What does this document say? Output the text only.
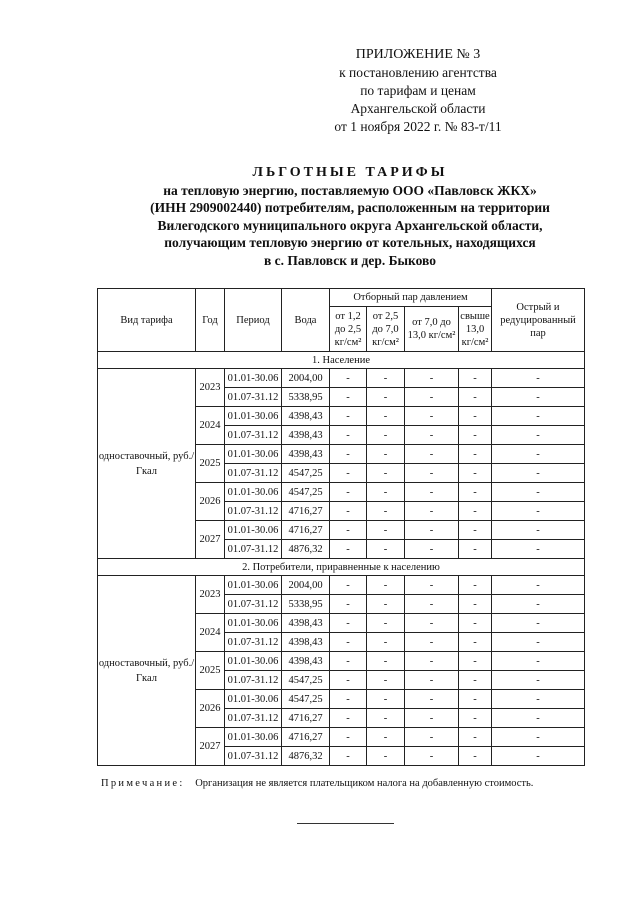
ПРИЛОЖЕНИЕ № 3
к постановлению агентства
по тарифам и ценам
Архангельской области
от 1 ноября 2022 г. № 83-т/11
ЛЬГОТНЫЕ ТАРИФЫ
на тепловую энергию, поставляемую ООО «Павловск ЖКХ»
(ИНН 2909002440) потребителям, расположенным на территории
Вилегодского муниципального округа Архангельской области,
получающим тепловую энергию от котельных, находящихся
в с. Павловск и дер. Быково
Вид тарифа	Год	Период	Вода	Отборный пар давлением				Острый и редуцированный пар
				от 1,2 до 2,5 кг/см²	от 2,5 до 7,0 кг/см²	от 7,0 до 13,0 кг/см²	свыше 13,0 кг/см²	
1. Население								
одноставочный, руб./Гкал	2023	01.01-30.06	2004,00	-	-	-	-	-
		01.07-31.12	5338,95	-	-	-	-	-
	2024	01.01-30.06	4398,43	-	-	-	-	-
		01.07-31.12	4398,43	-	-	-	-	-
	2025	01.01-30.06	4398,43	-	-	-	-	-
		01.07-31.12	4547,25	-	-	-	-	-
	2026	01.01-30.06	4547,25	-	-	-	-	-
		01.07-31.12	4716,27	-	-	-	-	-
	2027	01.01-30.06	4716,27	-	-	-	-	-
		01.07-31.12	4876,32	-	-	-	-	-
2. Потребители, приравненные к населению								
одноставочный, руб./Гкал	2023	01.01-30.06	2004,00	-	-	-	-	-
		01.07-31.12	5338,95	-	-	-	-	-
	2024	01.01-30.06	4398,43	-	-	-	-	-
		01.07-31.12	4398,43	-	-	-	-	-
	2025	01.01-30.06	4398,43	-	-	-	-	-
		01.07-31.12	4547,25	-	-	-	-	-
	2026	01.01-30.06	4547,25	-	-	-	-	-
		01.07-31.12	4716,27	-	-	-	-	-
	2027	01.01-30.06	4716,27	-	-	-	-	-
		01.07-31.12	4876,32	-	-	-	-	-
Примечание: Организация не является плательщиком налога на добавленную стоимость.
